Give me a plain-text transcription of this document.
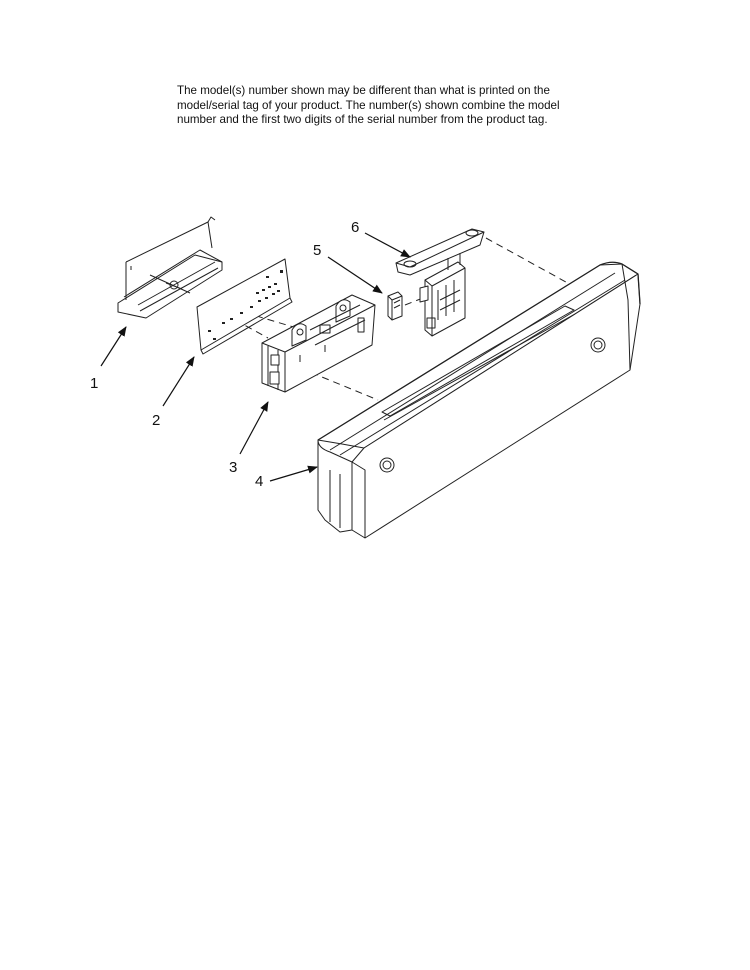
The model(s) number shown may be different than what is printed on the
model/serial tag of your product. The number(s) shown combine the model
number and the first two digits of the serial number from the product tag.

1
2
3
4
5
6
